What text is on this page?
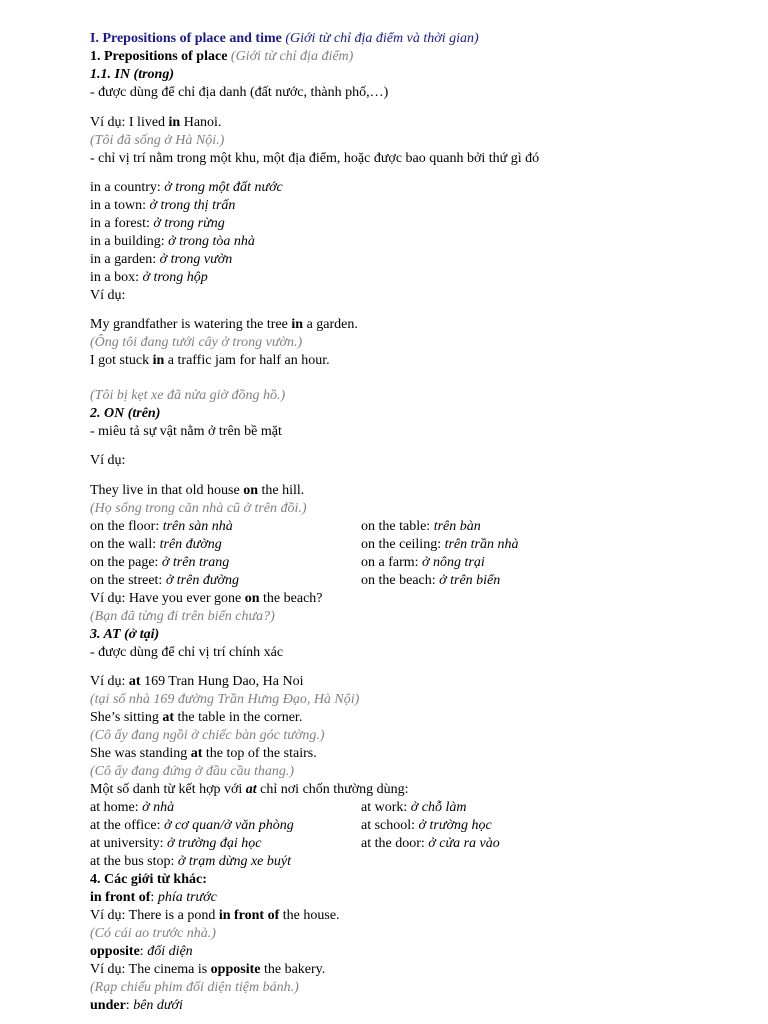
I. Prepositions of place and time (Giới từ chỉ địa điểm và thời gian)
1. Prepositions of place (Giới từ chỉ địa điểm)
1.1. IN (trong)
- được dùng để chỉ địa danh (đất nước, thành phố,…)
Ví dụ: I lived in Hanoi.
(Tôi đã sống ở Hà Nội.)
- chỉ vị trí nằm trong một khu, một địa điểm, hoặc được bao quanh bởi thứ gì đó
in a country: ở trong một đất nước
in a town: ở trong thị trấn
in a forest: ở trong rừng
in a building: ở trong tòa nhà
in a garden: ở trong vườn
in a box: ở trong hộp
Ví dụ:
My grandfather is watering the tree in a garden.
(Ông tôi đang tưới cây ở trong vườn.)
I got stuck in a traffic jam for half an hour.
(Tôi bị kẹt xe đã nửa giờ đồng hồ.)
2. ON (trên)
- miêu tả sự vật nằm ở trên bề mặt
Ví dụ:
They live in that old house on the hill.
(Họ sống trong căn nhà cũ ở trên đồi.)
on the floor: trên sàn nhà	on the table: trên bàn
on the wall: trên đường	on the ceiling: trên trần nhà
on the page: ở trên trang	on a farm: ở nông trại
on the street: ở trên đường	on the beach: ở trên biển
Ví dụ: Have you ever gone on the beach?
(Bạn đã từng đi trên biển chưa?)
3. AT (ở tại)
- được dùng để chỉ vị trí chính xác
Ví dụ: at 169 Tran Hung Dao, Ha Noi
(tại số nhà 169 đường Trần Hưng Đạo, Hà Nội)
She’s sitting at the table in the corner.
(Cô ấy đang ngồi ở chiếc bàn góc tường.)
She was standing at the top of the stairs.
(Cô ấy đang đứng ở đầu cầu thang.)
Một số danh từ kết hợp với at chỉ nơi chốn thường dùng:
at home: ở nhà	at work: ở chỗ làm
at the office: ở cơ quan/ở văn phòng	at school: ở trường học
at university: ở trường đại học	at the door: ở cửa ra vào
at the bus stop: ở trạm dừng xe buýt
4. Các giới từ khác:
in front of: phía trước
Ví dụ: There is a pond in front of the house.
(Có cái ao trước nhà.)
opposite: đối diện
Ví dụ: The cinema is opposite the bakery.
(Rạp chiếu phim đối diện tiệm bánh.)
under: bên dưới
